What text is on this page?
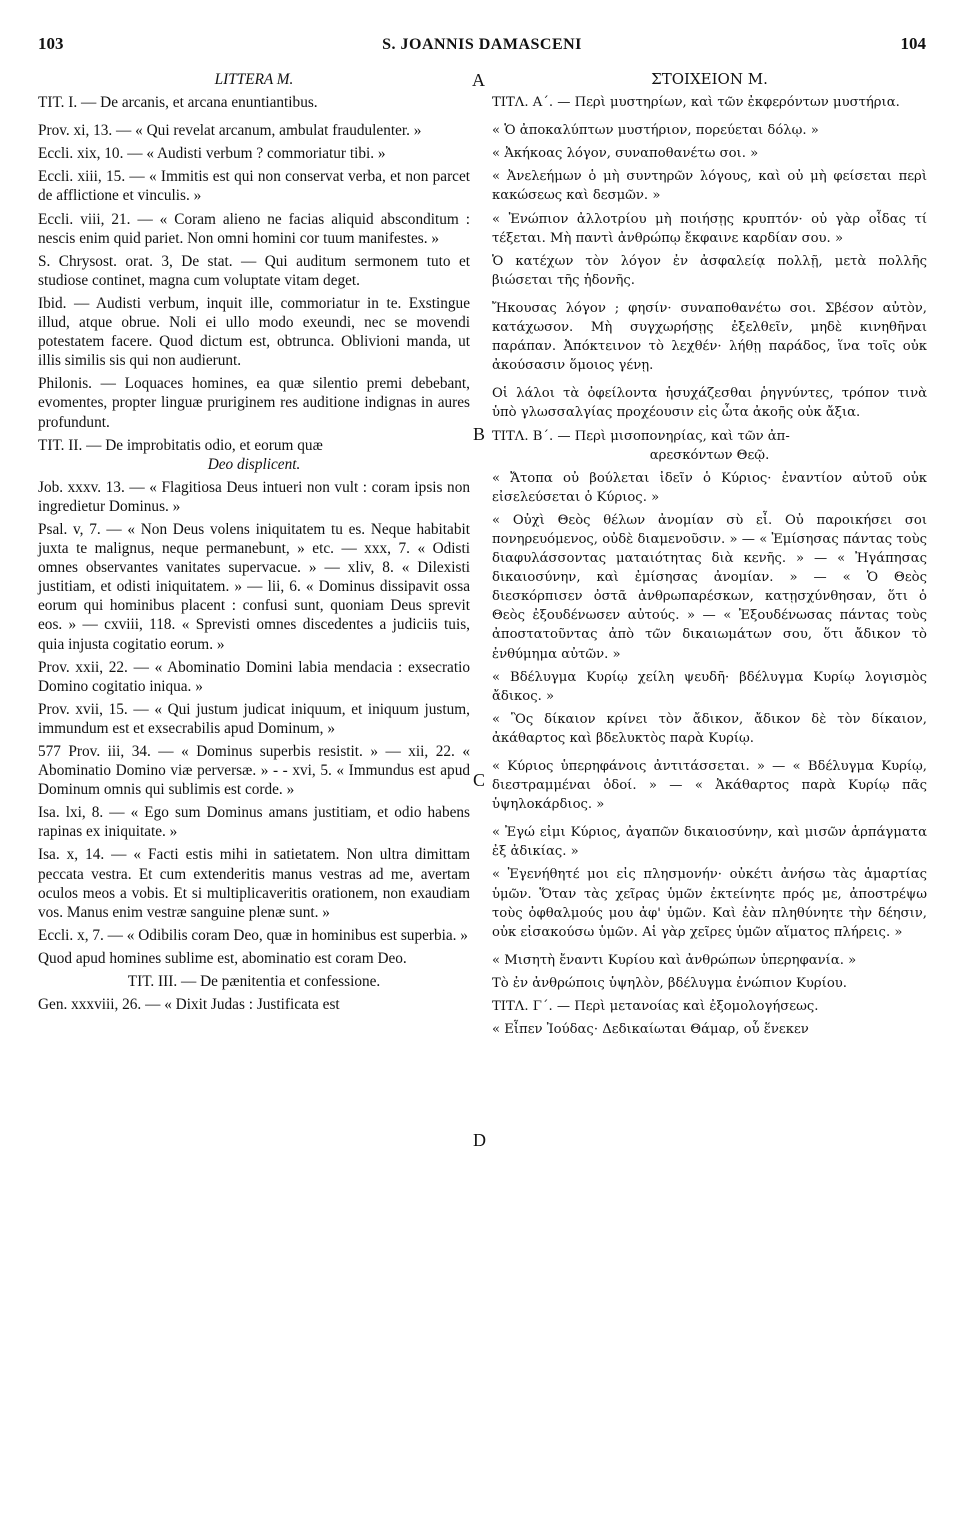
103	S. JOANNIS DAMASCENI	104
A
B
C
D

LITTERA M.

TIT. I. — De arcanis, et arcana enuntiantibus.

Prov. xi, 13. — « Qui revelat arcanum, ambulat fraudulenter. »

Eccli. xix, 10. — « Audisti verbum ? commoriatur tibi. »

Eccli. xiii, 15. — « Immitis est qui non conservat verba, et non parcet de afflictione et vinculis. »

Eccli. viii, 21. — « Coram alieno ne facias aliquid absconditum : nescis enim quid pariet. Non omni homini cor tuum manifestes. »

S. Chrysost. orat. 3, De stat. — Qui auditum sermonem tuto et studiose continet, magna cum voluptate vitam deget.

Ibid. — Audisti verbum, inquit ille, commoriatur in te. Exstingue illud, atque obrue. Noli ei ullo modo exeundi, nec se movendi potestatem facere. Quod dictum est, obtrunca. Oblivioni manda, ut illis similis sis qui non audierunt.

Philonis. — Loquaces homines, ea quæ silentio premi debebant, evomentes, propter linguæ pruriginem res auditione indignas in aures profundunt.

TIT. II. — De improbitatis odio, et eorum quæ
Deo displicent.

Job. xxxv. 13. — « Flagitiosa Deus intueri non vult : coram ipsis non ingredietur Dominus. »

Psal. v, 7. — « Non Deus volens iniquitatem tu es. Neque habitabit juxta te malignus, neque permanebunt, » etc. — xxx, 7. « Odisti omnes observantes vanitates supervacue. » — xliv, 8. « Dilexisti justitiam, et odisti iniquitatem. » — lii, 6. « Dominus dissipavit ossa eorum qui hominibus placent : confusi sunt, quoniam Deus sprevit eos. » — cxviii, 118. « Sprevisti omnes discedentes a judiciis tuis, quia injusta cogitatio eorum. »

Prov. xxii, 22. — « Abominatio Domini labia mendacia : exsecratio Domino cogitatio iniqua. »

Prov. xvii, 15. — « Qui justum judicat iniquum, et iniquum justum, immundum est et exsecrabilis apud Dominum, »

577 Prov. iii, 34. — « Dominus superbis resistit. » — xii, 22. « Abominatio Domino viæ perversæ. » - - xvi, 5. « Immundus est apud Dominum omnis qui sublimis est corde. »

Isa. lxi, 8. — « Ego sum Dominus amans justitiam, et odio habens rapinas ex iniquitate. »

Isa. x, 14. — « Facti estis mihi in satietatem. Non ultra dimittam peccata vestra. Et cum extenderitis manus vestras ad me, avertam oculos meos a vobis. Et si multiplicaveritis orationem, non exaudiam vos. Manus enim vestræ sanguine plenæ sunt. »

Eccli. x, 7. — « Odibilis coram Deo, quæ in hominibus est superbia. »

Quod apud homines sublime est, abominatio est coram Deo.

TIT. III. — De pænitentia et confessione.

Gen. xxxviii, 26. — « Dixit Judas : Justificata est

ΣΤΟΙΧΕΙΟΝ Μ.

ΤΙΤΛ. Α΄. — Περὶ μυστηρίων, καὶ τῶν ἐκφερόντων μυστήρια.

« Ὁ ἀποκαλύπτων μυστήριον, πορεύεται δόλῳ. »

« Ἀκήκοας λόγον, συναποθανέτω σοι. »

« Ἀνελεήμων ὁ μὴ συντηρῶν λόγους, καὶ οὐ μὴ φείσεται περὶ κακώσεως καὶ δεσμῶν. »

« Ἐνώπιον ἀλλοτρίου μὴ ποιήσῃς κρυπτόν· οὐ γὰρ οἶδας τί τέξεται. Μὴ παντὶ ἀνθρώπῳ ἔκφαινε καρδίαν σου. »

Ὁ κατέχων τὸν λόγον ἐν ἀσφαλείᾳ πολλῇ, μετὰ πολλῆς βιώσεται τῆς ἡδονῆς.

Ἤκουσας λόγον ; φησίν· συναποθανέτω σοι. Σβέσον αὐτὸν, κατάχωσον. Μὴ συγχωρήσῃς ἐξελθεῖν, μηδὲ κινηθῆναι παράπαν. Ἀπόκτεινον τὸ λεχθέν· λήθῃ παράδος, ἵνα τοῖς οὐκ ἀκούσασιν ὅμοιος γένῃ.

Οἱ λάλοι τὰ ὀφείλοντα ἡσυχάζεσθαι ῥηγνύντες, τρόπον τινὰ ὑπὸ γλωσσαλγίας προχέουσιν εἰς ὦτα ἀκοῆς οὐκ ἄξια.

ΤΙΤΛ. Β΄. — Περὶ μισοπονηρίας, καὶ τῶν ἀπ-
αρεσκόντων Θεῷ.

« Ἄτοπα οὐ βούλεται ἰδεῖν ὁ Κύριος· ἐναντίον αὐτοῦ οὐκ εἰσελεύσεται ὁ Κύριος. »

« Οὐχὶ Θεὸς θέλων ἀνομίαν σὺ εἶ. Οὐ παροικήσει σοι πονηρευόμενος, οὐδὲ διαμενοῦσιν. » — « Ἐμίσησας πάντας τοὺς διαφυλάσσοντας ματαιότητας διὰ κενῆς. » — « Ἠγάπησας δικαιοσύνην, καὶ ἐμίσησας ἀνομίαν. » — « Ὁ Θεὸς διεσκόρπισεν ὀστᾶ ἀνθρωπαρέσκων, κατῃσχύνθησαν, ὅτι ὁ Θεὸς ἐξουδένωσεν αὐτούς. » — « Ἐξουδένωσας πάντας τοὺς ἀποστατοῦντας ἀπὸ τῶν δικαιωμάτων σου, ὅτι ἄδικον τὸ ἐνθύμημα αὐτῶν. »

« Βδέλυγμα Κυρίῳ χείλη ψευδῆ· βδέλυγμα Κυρίῳ λογισμὸς ἄδικος. »

« Ὃς δίκαιον κρίνει τὸν ἄδικον, ἄδικον δὲ τὸν δίκαιον, ἀκάθαρτος καὶ βδελυκτὸς παρὰ Κυρίῳ.

« Κύριος ὑπερηφάνοις ἀντιτάσσεται. » — « Βδέλυγμα Κυρίῳ, διεστραμμέναι ὁδοί. » — « Ἀκάθαρτος παρὰ Κυρίῳ πᾶς ὑψηλοκάρδιος. »

« Ἐγώ εἰμι Κύριος, ἀγαπῶν δικαιοσύνην, καὶ μισῶν ἁρπάγματα ἐξ ἀδικίας. »

« Ἐγενήθητέ μοι εἰς πλησμονήν· οὐκέτι ἀνήσω τὰς ἁμαρτίας ὑμῶν. Ὅταν τὰς χεῖρας ὑμῶν ἐκτείνητε πρός με, ἀποστρέψω τοὺς ὀφθαλμούς μου ἀφ' ὑμῶν. Καὶ ἐὰν πληθύνητε τὴν δέησιν, οὐκ εἰσακούσω ὑμῶν. Αἱ γὰρ χεῖρες ὑμῶν αἵματος πλήρεις. »

« Μισητὴ ἔναντι Κυρίου καὶ ἀνθρώπων ὑπερηφανία. »

Τὸ ἐν ἀνθρώποις ὑψηλὸν, βδέλυγμα ἐνώπιον Κυρίου.

ΤΙΤΛ. Γ΄. — Περὶ μετανοίας καὶ ἐξομολογήσεως.

« Εἶπεν Ἰούδας· Δεδικαίωται Θάμαρ, οὗ ἕνεκεν
